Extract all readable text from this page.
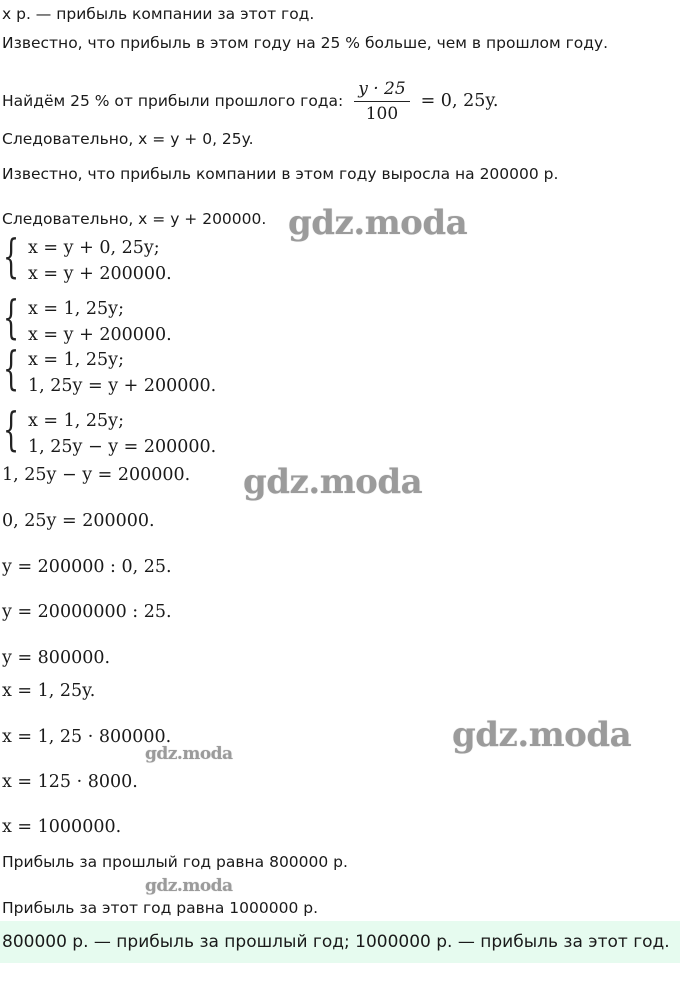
x р. — прибыль компании за этот год.
Известно, что прибыль в этом году на 25 % больше, чем в прошлом году.
Найдём 25 % от прибыли прошлого года: $\frac{y \cdot 25}{100} = 0$, 25y.
Следовательно, x = y + 0, 25y.
Известно, что прибыль компании в этом году выросла на 200000 р.
Следовательно, x = y + 200000.
{ x = y + 0, 25y;
x = y + 200000.
{ x = 1, 25y;
x = y + 200000.
{ x = 1, 25y;
1, 25y = y + 200000.
{ x = 1, 25y;
1, 25y − y = 200000.
1, 25y − y = 200000.
0, 25y = 200000.
y = 200000 : 0, 25.
y = 20000000 : 25.
y = 800000.
x = 1, 25y.
x = 1, 25 · 800000.
x = 125 · 8000.
x = 1000000.
Прибыль за прошлый год равна 800000 р.
Прибыль за этот год равна 1000000 р.
800000 р. — прибыль за прошлый год; 1000000 р. — прибыль за этот год.
gdz.moda
gdz.moda
gdz.moda
gdz.moda
gdz.moda
